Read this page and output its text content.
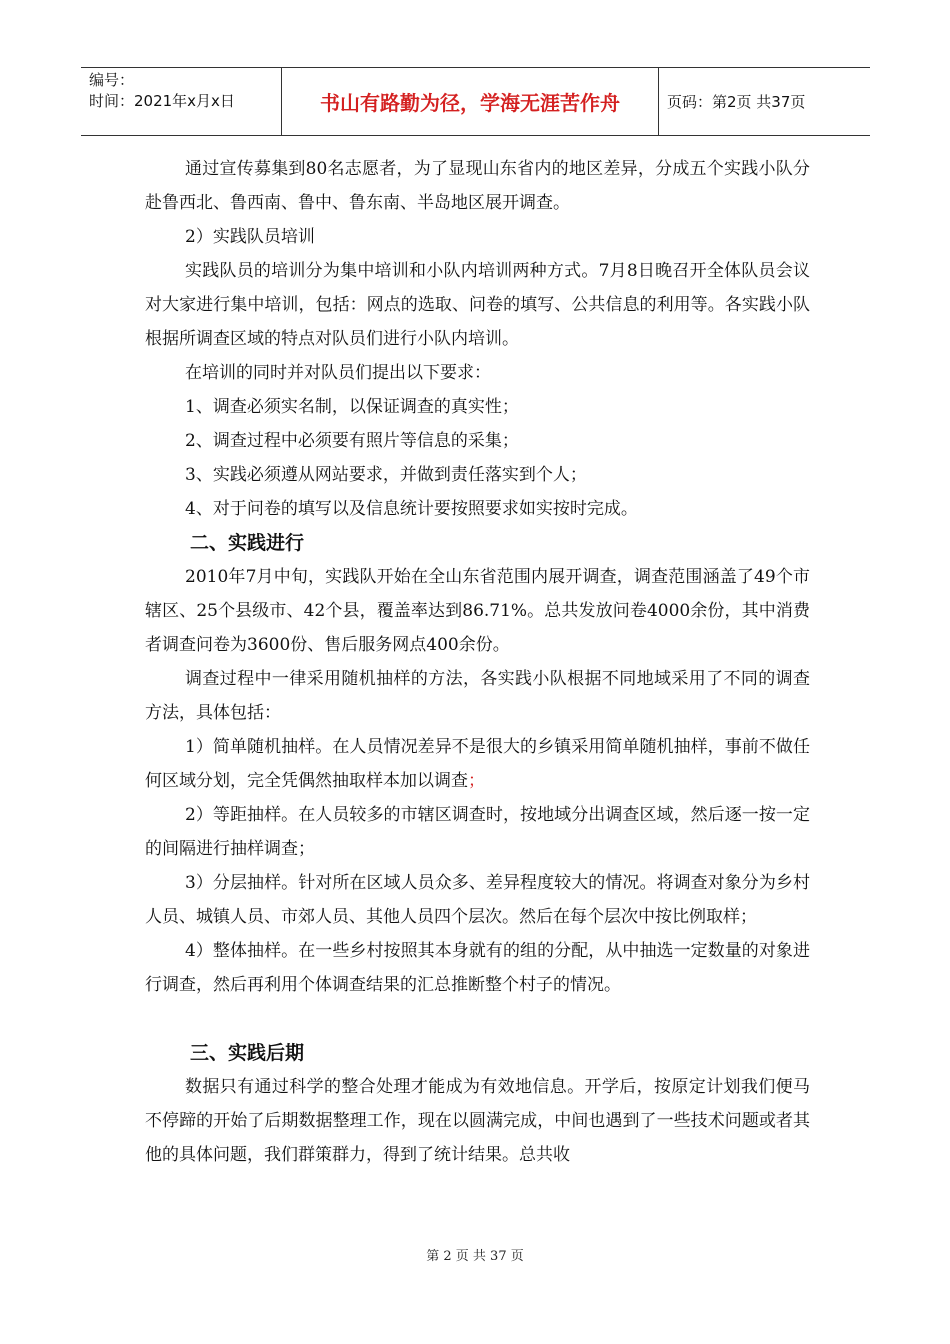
编号：
时间：2021年x月x日	书山有路勤为径，学海无涯苦作舟	页码：第2页 共37页

通过宣传募集到80名志愿者，为了显现山东省内的地区差异，分成五个实践小队分赴鲁西北、鲁西南、鲁中、鲁东南、半岛地区展开调查。

2）实践队员培训

实践队员的培训分为集中培训和小队内培训两种方式。7月8日晚召开全体队员会议对大家进行集中培训，包括：网点的选取、问卷的填写、公共信息的利用等。各实践小队根据所调查区域的特点对队员们进行小队内培训。

在培训的同时并对队员们提出以下要求：

1、调查必须实名制，以保证调查的真实性；

2、调查过程中必须要有照片等信息的采集；

3、实践必须遵从网站要求，并做到责任落实到个人；

4、对于问卷的填写以及信息统计要按照要求如实按时完成。

二、实践进行

2010年7月中旬，实践队开始在全山东省范围内展开调查，调查范围涵盖了49个市辖区、25个县级市、42个县，覆盖率达到86.71%。总共发放问卷4000余份，其中消费者调查问卷为3600份、售后服务网点400余份。

调查过程中一律采用随机抽样的方法，各实践小队根据不同地域采用了不同的调查方法，具体包括：

1）简单随机抽样。在人员情况差异不是很大的乡镇采用简单随机抽样，事前不做任何区域分划，完全凭偶然抽取样本加以调查；

2）等距抽样。在人员较多的市辖区调查时，按地域分出调查区域，然后逐一按一定的间隔进行抽样调查；

3）分层抽样。针对所在区域人员众多、差异程度较大的情况。将调查对象分为乡村人员、城镇人员、市郊人员、其他人员四个层次。然后在每个层次中按比例取样；

4）整体抽样。在一些乡村按照其本身就有的组的分配，从中抽选一定数量的对象进行调查，然后再利用个体调查结果的汇总推断整个村子的情况。

三、实践后期

数据只有通过科学的整合处理才能成为有效地信息。开学后，按原定计划我们便马不停蹄的开始了后期数据整理工作，现在以圆满完成，中间也遇到了一些技术问题或者其他的具体问题，我们群策群力，得到了统计结果。总共收

第 2 页 共 37 页
